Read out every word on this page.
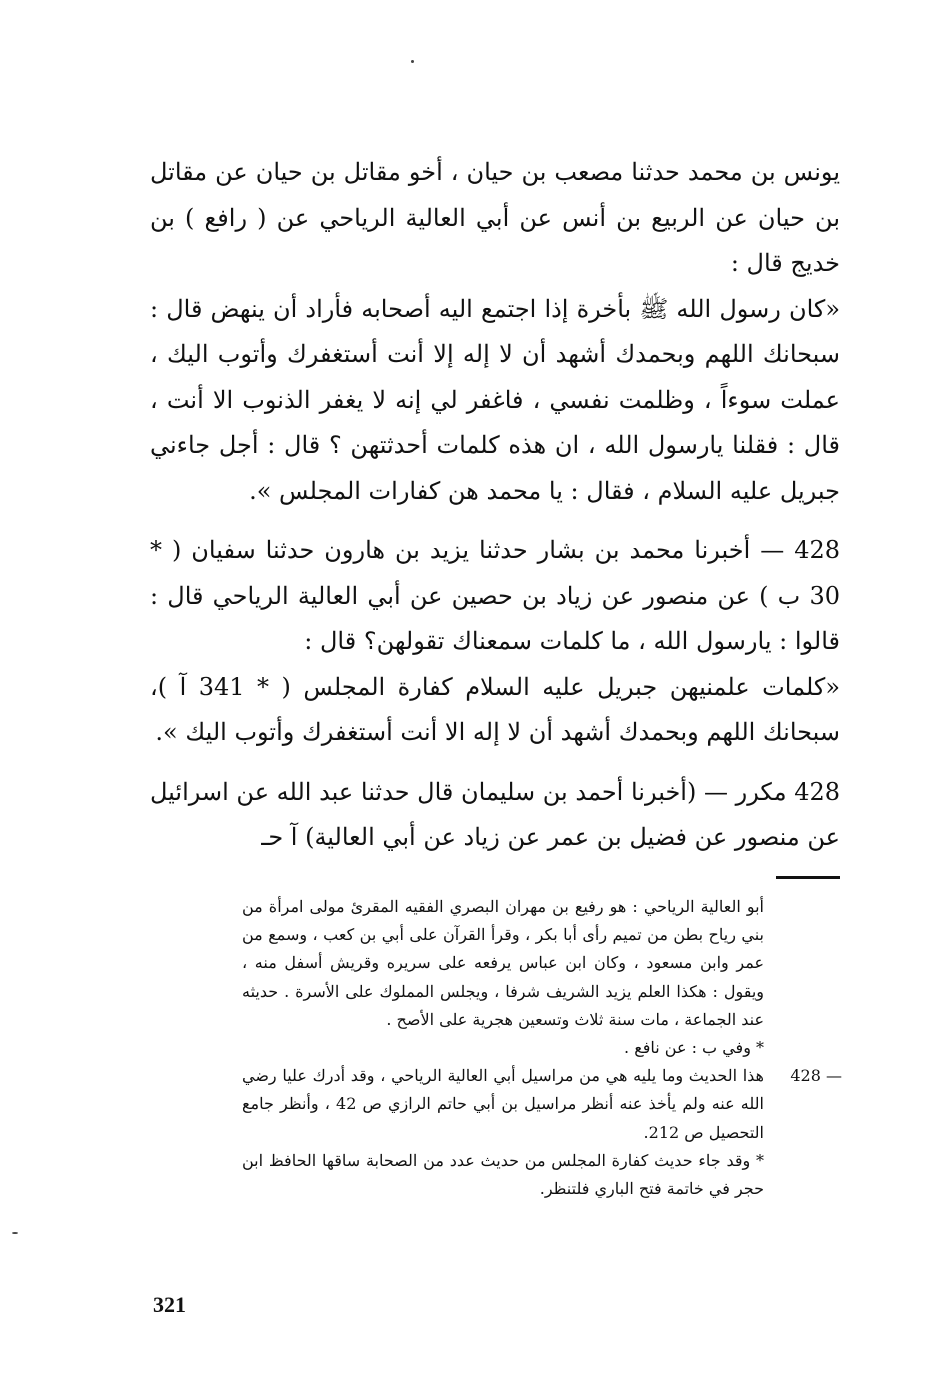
يونس بن محمد حدثنا مصعب بن حيان ، أخو مقاتل بن حيان عن مقاتل بن حيان عن الربيع بن أنس عن أبي العالية الرياحي عن ( رافع ) بن خديج قال :

«كان رسول الله ﷺ بأخرة إذا اجتمع اليه أصحابه فأراد أن ينهض قال : سبحانك اللهم وبحمدك أشهد أن لا إله إلا أنت أستغفرك وأتوب اليك ، عملت سوءاً ، وظلمت نفسي ، فاغفر لي إنه لا يغفر الذنوب الا أنت ، قال : فقلنا يارسول الله ، ان هذه كلمات أحدثتهن ؟ قال : أجل جاءني جبريل عليه السلام ، فقال : يا محمد هن كفارات المجلس ».

428 — أخبرنا محمد بن بشار حدثنا يزيد بن هارون حدثنا سفيان ( * 30 ب ) عن منصور عن زياد بن حصين عن أبي العالية الرياحي قال : قالوا : يارسول الله ، ما كلمات سمعناك تقولهن؟ قال :

«كلمات علمنيهن جبريل عليه السلام كفارة المجلس ( * 341 آ )، سبحانك اللهم وبحمدك أشهد أن لا إله الا أنت أستغفرك وأتوب اليك ».

428 مكرر — (أخبرنا أحمد بن سليمان قال حدثنا عبد الله عن اسرائيل عن منصور عن فضيل بن عمر عن زياد عن أبي العالية) آ حـ

أبو العالية الرياحي : هو رفيع بن مهران البصري الفقيه المقرئ مولى امرأة من بني رياح بطن من تميم رأى أبا بكر ، وقرأ القرآن على أبي بن كعب ، وسمع من عمر وابن مسعود ، وكان ابن عباس يرفعه على سريره وقريش أسفل منه ، ويقول : هكذا العلم يزيد الشريف شرفا ، ويجلس المملوك على الأسرة . حديثه عند الجماعة ، مات سنة ثلاث وتسعين هجرية على الأصح .

* وفي ب : عن نافع .

428 —
هذا الحديث وما يليه هي من مراسيل أبي العالية الرياحي ، وقد أدرك عليا رضي الله عنه ولم يأخذ عنه أنظر مراسيل بن أبي حاتم الرازي ص 42 ، وأنظر جامع التحصيل ص 212.

* وقد جاء حديث كفارة المجلس من حديث عدد من الصحابة ساقها الحافظ ابن حجر في خاتمة فتح الباري فلتنظر.

321
